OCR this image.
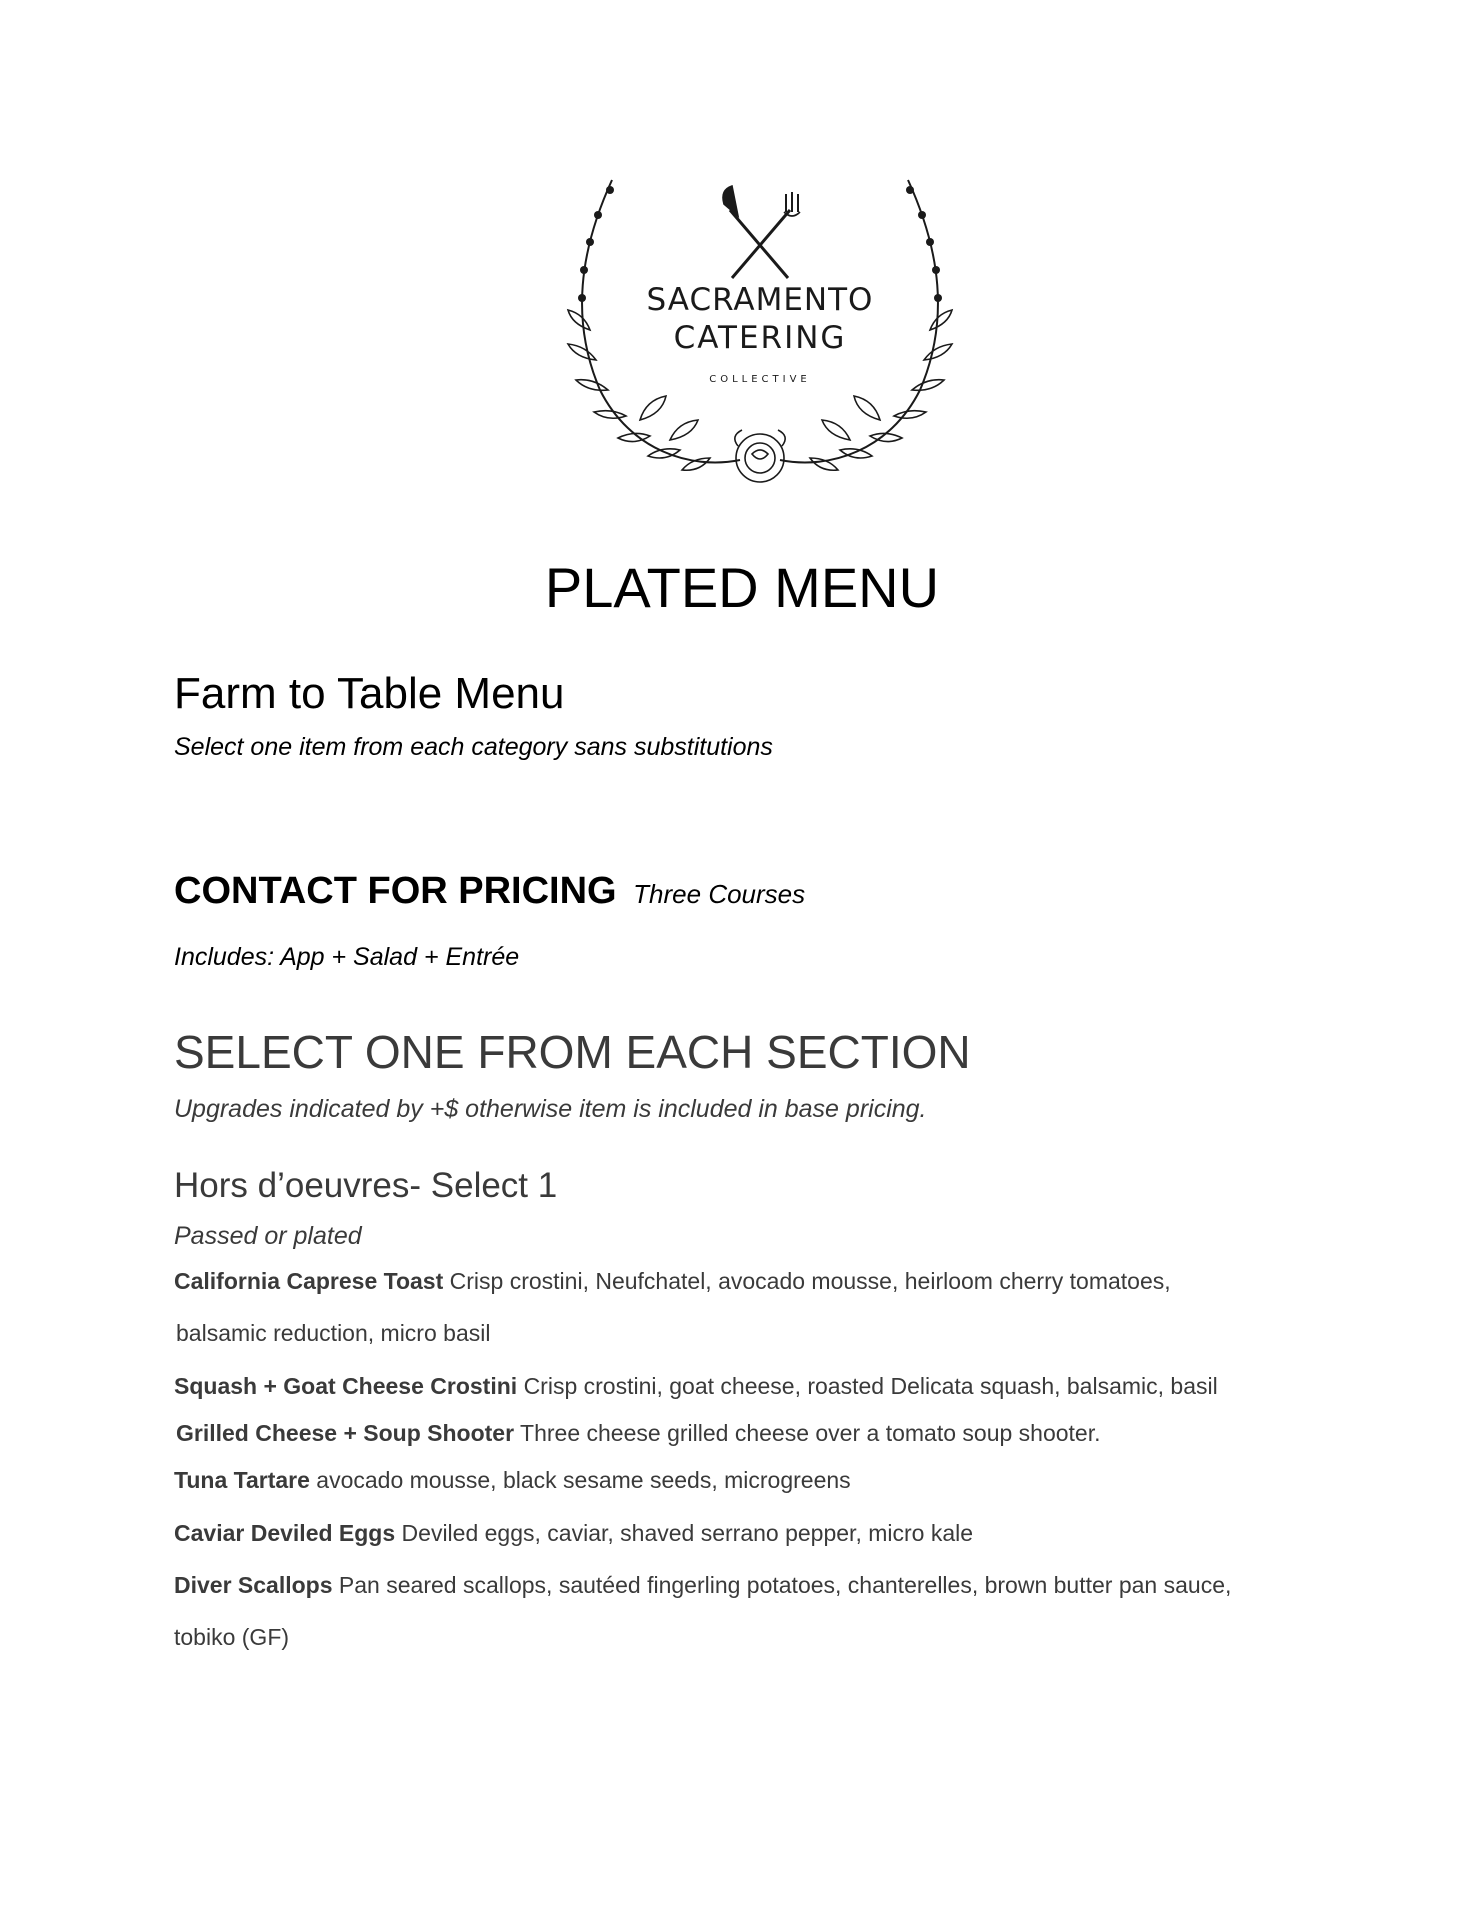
SACRAMENTO
CATERING
COLLECTIVE
PLATED MENU
Farm to Table Menu
Select one item from each category sans substitutions
CONTACT FOR PRICING Three Courses
Includes: App + Salad + Entrée
SELECT ONE FROM EACH SECTION
Upgrades indicated by +$ otherwise item is included in base pricing.
Hors d’oeuvres- Select 1
Passed or plated
California Caprese Toast Crisp crostini, Neufchatel, avocado mousse, heirloom cherry tomatoes,
balsamic reduction, micro basil
Squash + Goat Cheese Crostini Crisp crostini, goat cheese, roasted Delicata squash, balsamic, basil
Grilled Cheese + Soup Shooter Three cheese grilled cheese over a tomato soup shooter.
Tuna Tartare avocado mousse, black sesame seeds, microgreens
Caviar Deviled Eggs Deviled eggs, caviar, shaved serrano pepper, micro kale
Diver Scallops Pan seared scallops, sautéed fingerling potatoes, chanterelles, brown butter pan sauce,
tobiko (GF)
